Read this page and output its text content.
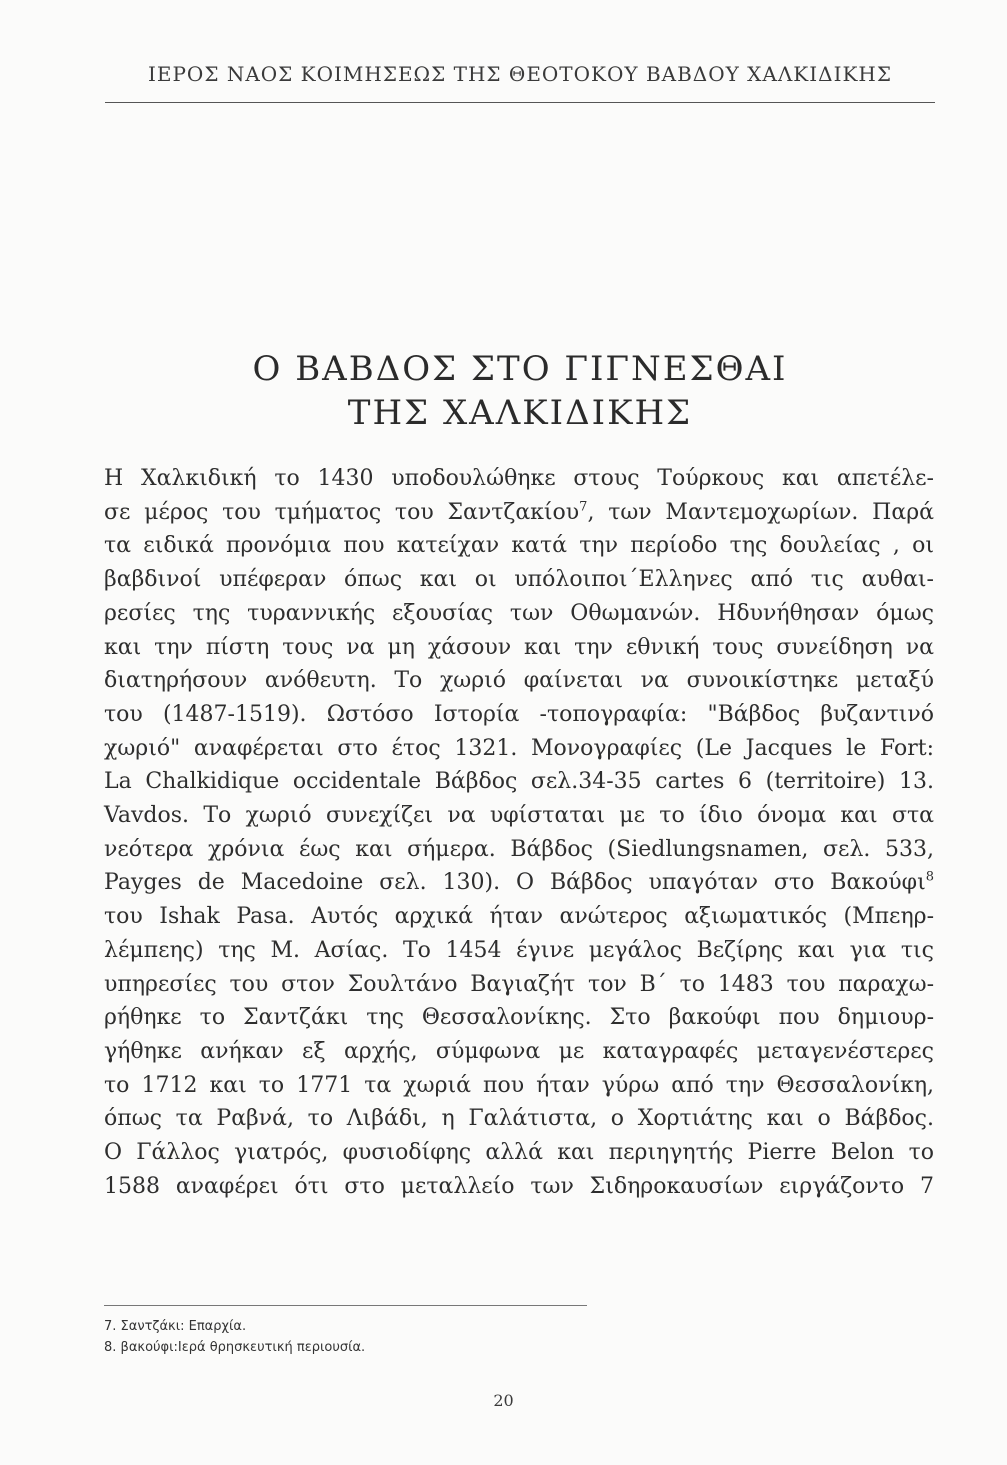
ΙΕΡΟΣ ΝΑΟΣ ΚΟΙΜΗΣΕΩΣ ΤΗΣ ΘΕΟΤΟΚΟΥ ΒΑΒΔΟΥ ΧΑΛΚΙΔΙΚΗΣ
Ο ΒΑΒΔΟΣ ΣΤΟ ΓΙΓΝΕΣΘΑΙ
ΤΗΣ ΧΑΛΚΙΔΙΚΗΣ
Η Χαλκιδική το 1430 υποδουλώθηκε στους Τούρκους και απετέλε-
σε μέρος του τμήματος του Σαντζακίου$^7$, των Μαντεμοχωρίων. Παρά
τα ειδικά προνόμια που κατείχαν κατά την περίοδο της δουλείας , οι
βαβδινοί υπέφεραν όπως και οι υπόλοιποι΄Ελληνες από τις αυθαι-
ρεσίες της τυραννικής εξουσίας των Οθωμανών. Ηδυνήθησαν όμως
και την πίστη τους να μη χάσουν και την εθνική τους συνείδηση να
διατηρήσουν ανόθευτη. Το χωριό φαίνεται να συνοικίστηκε μεταξύ
του (1487-1519). Ωστόσο Ιστορία -τοπογραφία: "Βάβδος βυζαντινό
χωριό" αναφέρεται στο έτος 1321. Μονογραφίες (Le Jacques le Fort:
La Chalkidique occidentale Βάβδος σελ.34-35 cartes 6 (territoire) 13.
Vavdos. Το χωριό συνεχίζει να υφίσταται με το ίδιο όνομα και στα
νεότερα χρόνια έως και σήμερα. Βάβδος (Siedlungsnamen, σελ. 533,
Payges de Macedoine σελ. 130). Ο Βάβδος υπαγόταν στο Βακούφι$^8$
του Ishak Pasa. Αυτός αρχικά ήταν ανώτερος αξιωματικός (Μπεηρ-
λέμπεης) της Μ. Ασίας. Το 1454 έγινε μεγάλος Βεζίρης και για τις
υπηρεσίες του στον Σουλτάνο Βαγιαζήτ τον Β΄ το 1483 του παραχω-
ρήθηκε το Σαντζάκι της Θεσσαλονίκης. Στο βακούφι που δημιουρ-
γήθηκε ανήκαν εξ αρχής, σύμφωνα με καταγραφές μεταγενέστερες
το 1712 και το 1771 τα χωριά που ήταν γύρω από την Θεσσαλονίκη,
όπως τα Ραβνά, το Λιβάδι, η Γαλάτιστα, ο Χορτιάτης και ο Βάβδος.
Ο Γάλλος γιατρός, φυσιοδίφης αλλά και περιηγητής Pierre Belon το
1588 αναφέρει ότι στο μεταλλείο των Σιδηροκαυσίων ειργάζοντο 7
7. Σαντζάκι: Επαρχία.
8. βακούφι:Ιερά θρησκευτική περιουσία.
20
